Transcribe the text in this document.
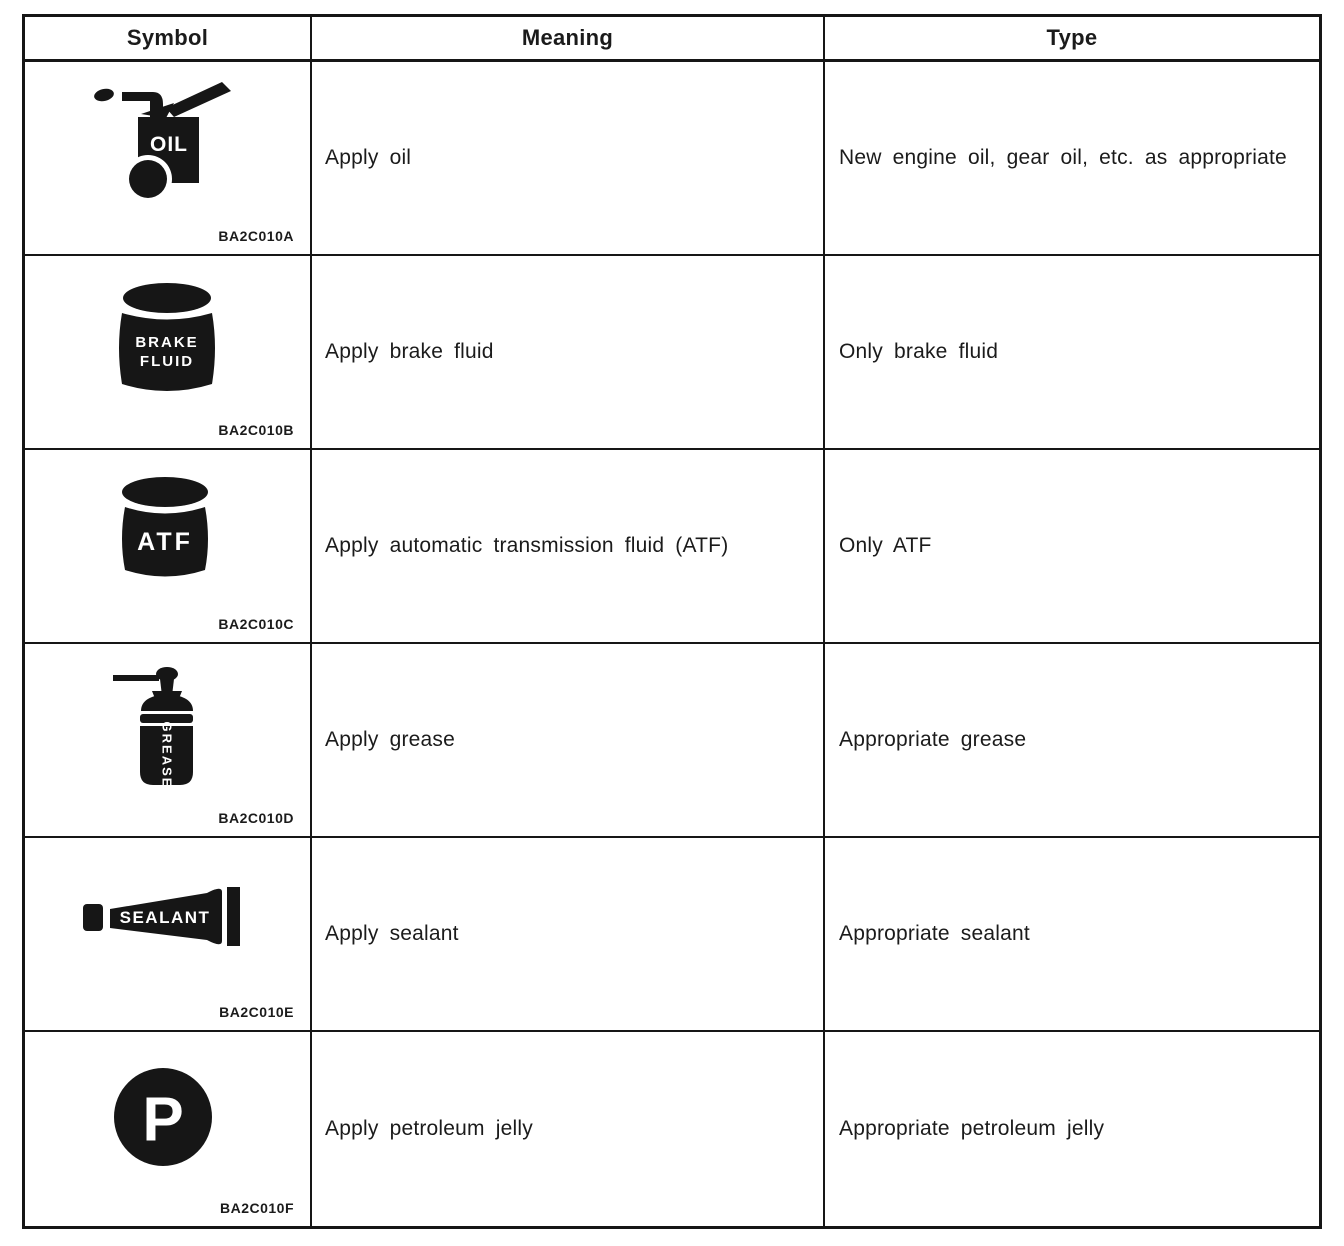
Symbol	Meaning	Type
OIL
BA2C010A
Apply oil	New engine oil, gear oil, etc. as appropriate
BRAKE
FLUID
BA2C010B
Apply brake fluid	Only brake fluid
ATF
BA2C010C
Apply automatic transmission fluid (ATF)	Only ATF
GREASE
BA2C010D
Apply grease	Appropriate grease
SEALANT
BA2C010E
Apply sealant	Appropriate sealant
P
BA2C010F
Apply petroleum jelly	Appropriate petroleum jelly
